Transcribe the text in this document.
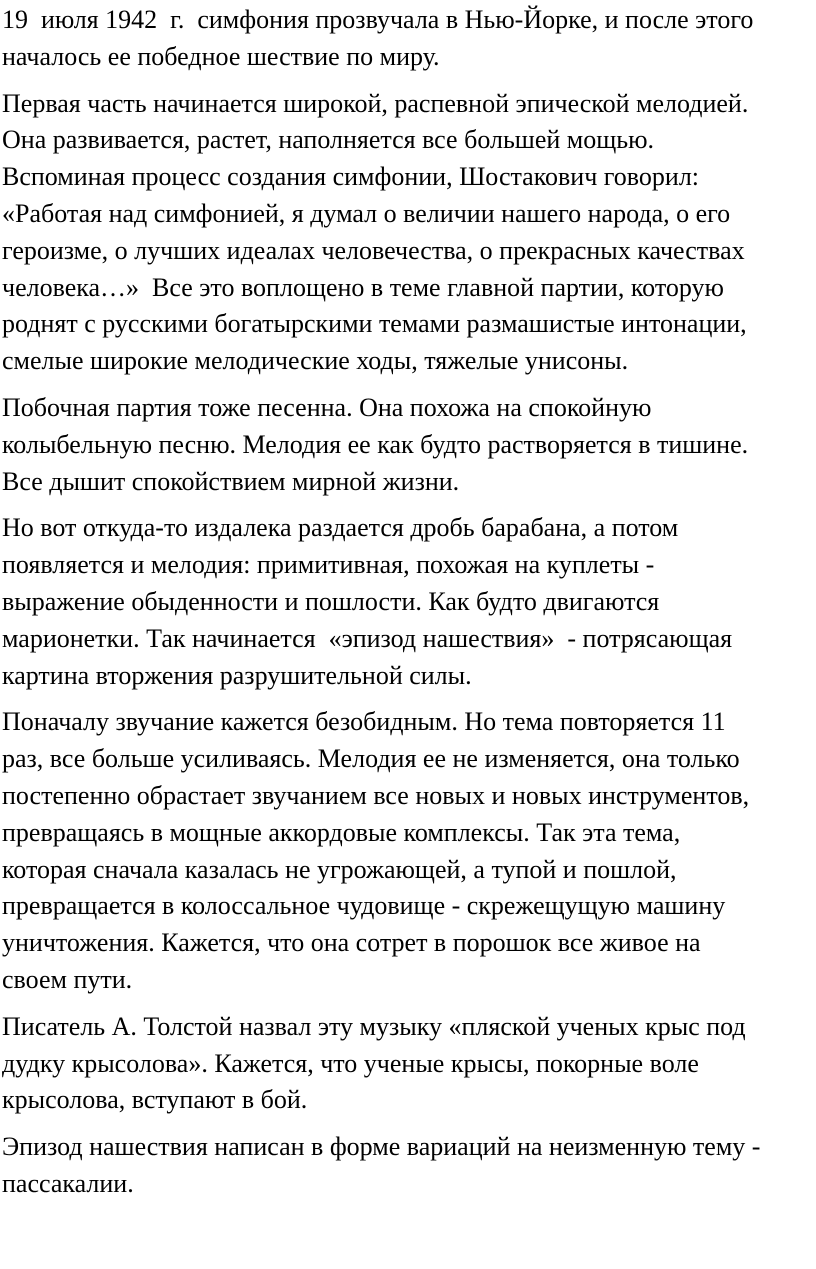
19  июля 1942  г.  симфония прозвучала в Нью-Йорке, и после этого
началось ее победное шествие по миру.
Первая часть начинается широкой, распевной эпической мелодией.
Она развивается, растет, наполняется все большей мощью.
Вспоминая процесс создания симфонии, Шостакович говорил:
«Работая над симфонией, я думал о величии нашего народа, о его
героизме, о лучших идеалах человечества, о прекрасных качествах
человека…»  Все это воплощено в теме главной партии, которую
роднят с русскими богатырскими темами размашистые интонации,
смелые широкие мелодические ходы, тяжелые унисоны.
Побочная партия тоже песенна. Она похожа на спокойную
колыбельную песню. Мелодия ее как будто растворяется в тишине.
Все дышит спокойствием мирной жизни.
Но вот откуда-то издалека раздается дробь барабана, а потом
появляется и мелодия: примитивная, похожая на куплеты -
выражение обыденности и пошлости. Как будто двигаются
марионетки. Так начинается  «эпизод нашествия»  - потрясающая
картина вторжения разрушительной силы.
Поначалу звучание кажется безобидным. Но тема повторяется 11
раз, все больше усиливаясь. Мелодия ее не изменяется, она только
постепенно обрастает звучанием все новых и новых инструментов,
превращаясь в мощные аккордовые комплексы. Так эта тема,
которая сначала казалась не угрожающей, а тупой и пошлой,
превращается в колоссальное чудовище - скрежещущую машину
уничтожения. Кажется, что она сотрет в порошок все живое на
своем пути.
Писатель А. Толстой назвал эту музыку «пляской ученых крыс под
дудку крысолова». Кажется, что ученые крысы, покорные воле
крысолова, вступают в бой.
Эпизод нашествия написан в форме вариаций на неизменную тему -
пассакалии.
